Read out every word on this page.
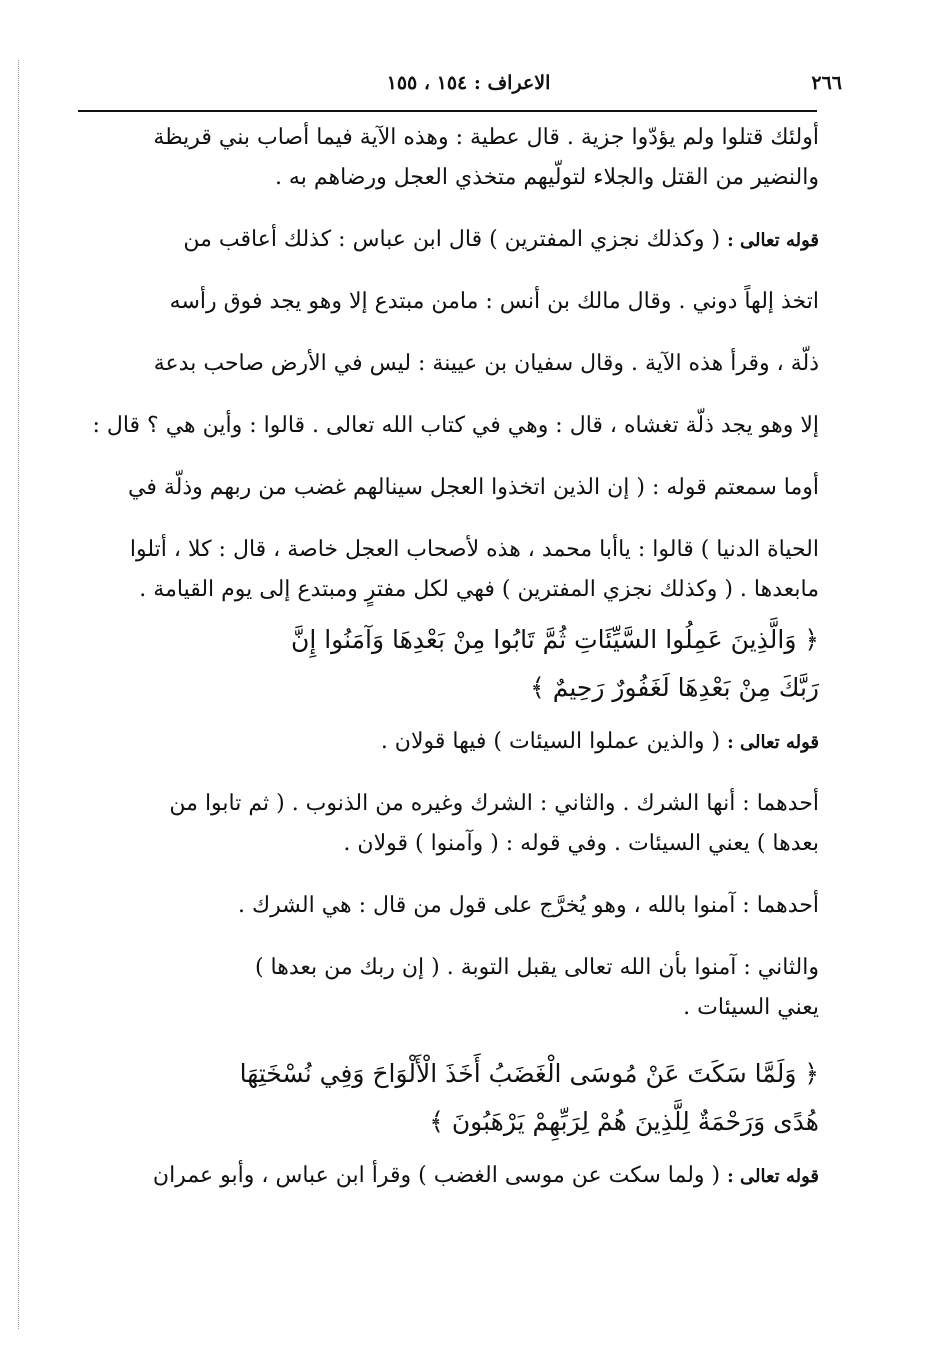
٢٦٦
الاعراف : ١٥٤ ، ١٥٥
أولئك قتلوا ولم يؤدّوا جزية . قال عطية : وهذه الآية فيما أصاب بني قريظة
والنضير من القتل والجلاء لتولّيهم متخذي العجل ورضاهم به .
قوله تعالى : ( وكذلك نجزي المفترين ) قال ابن عباس : كذلك أعاقب من
اتخذ إلهاً دوني . وقال مالك بن أنس : مامن مبتدع إلا وهو يجد فوق رأسه
ذلّة ، وقرأ هذه الآية . وقال سفيان بن عيينة : ليس في الأرض صاحب بدعة
إلا وهو يجد ذلّة تغشاه ، قال : وهي في كتاب الله تعالى . قالوا : وأين هي ؟ قال :
أوما سمعتم قوله : ( إن الذين اتخذوا العجل سينالهم غضب من ربهم وذلّة في
الحياة الدنيا ) قالوا : ياأبا محمد ، هذه لأصحاب العجل خاصة ، قال : كلا ، أتلوا
مابعدها . ( وكذلك نجزي المفترين ) فهي لكل مفترٍ ومبتدع إلى يوم القيامة .
﴿ وَالَّذِينَ عَمِلُوا السَّيِّئَاتِ ثُمَّ تَابُوا مِنْ بَعْدِهَا وَآمَنُوا إِنَّ
رَبَّكَ مِنْ بَعْدِهَا لَغَفُورٌ رَحِيمٌ ﴾
قوله تعالى : ( والذين عملوا السيئات ) فيها قولان .
أحدهما : أنها الشرك . والثاني : الشرك وغيره من الذنوب . ( ثم تابوا من
بعدها ) يعني السيئات . وفي قوله : ( وآمنوا ) قولان .
أحدهما : آمنوا بالله ، وهو يُخرَّج على قول من قال : هي الشرك .
والثاني : آمنوا بأن الله تعالى يقبل التوبة . ( إن ربك من بعدها )
يعني السيئات .
﴿ وَلَمَّا سَكَتَ عَنْ مُوسَى الْغَضَبُ أَخَذَ الْأَلْوَاحَ وَفِي نُسْخَتِهَا
هُدًى وَرَحْمَةٌ لِلَّذِينَ هُمْ لِرَبِّهِمْ يَرْهَبُونَ ﴾
قوله تعالى : ( ولما سكت عن موسى الغضب ) وقرأ ابن عباس ، وأبو عمران
